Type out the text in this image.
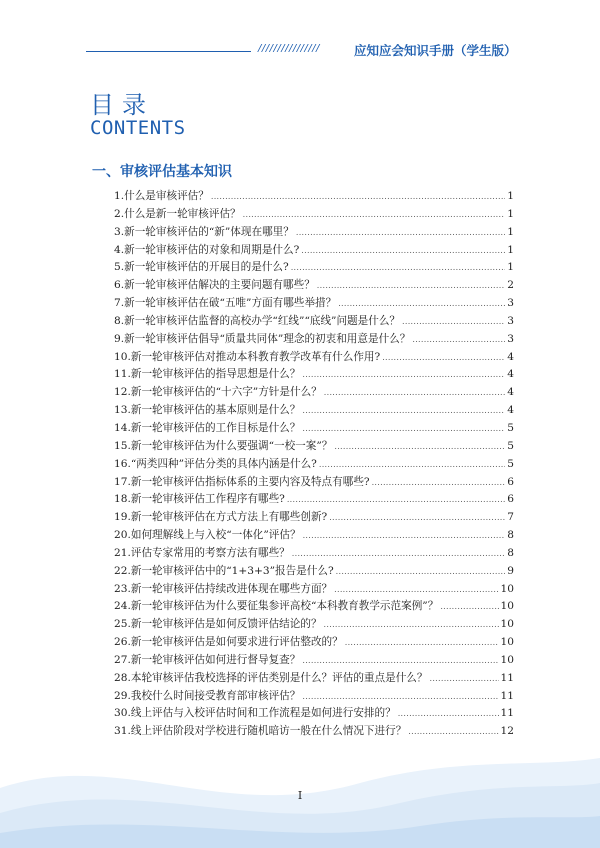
////////////////	应知应会知识手册（学生版）
目录
CONTENTS
一、审核评估基本知识
1.什么是审核评估？ .....	1
2.什么是新一轮审核评估？ .....	1
3.新一轮审核评估的“新”体现在哪里？ .....	1
4.新一轮审核评估的对象和周期是什么? .....	1
5.新一轮审核评估的开展目的是什么? .....	1
6.新一轮审核评估解决的主要问题有哪些？ .....	2
7.新一轮审核评估在破“五唯”方面有哪些举措？ .....	3
8.新一轮审核评估监督的高校办学“红线”“底线”问题是什么？ .....	3
9.新一轮审核评估倡导“质量共同体”理念的初衷和用意是什么？ .....	3
10.新一轮审核评估对推动本科教育教学改革有什么作用? .....	4
11.新一轮审核评估的指导思想是什么？ .....	4
12.新一轮审核评估的“十六字”方针是什么？ .....	4
13.新一轮审核评估的基本原则是什么？ .....	4
14.新一轮审核评估的工作目标是什么？ .....	5
15.新一轮审核评估为什么要强调“一校一案”？ .....	5
16.“两类四种”评估分类的具体内涵是什么? .....	5
17.新一轮审核评估指标体系的主要内容及特点有哪些? .....	6
18.新一轮审核评估工作程序有哪些? .....	6
19.新一轮审核评估在方式方法上有哪些创新? .....	7
20.如何理解线上与入校“一体化”评估？ .....	8
21.评估专家常用的考察方法有哪些？ .....	8
22.新一轮审核评估中的“1+3+3”报告是什么? .....	9
23.新一轮审核评估持续改进体现在哪些方面？ .....	10
24.新一轮审核评估为什么要征集参评高校“本科教育教学示范案例”？ .....	10
25.新一轮审核评估是如何反馈评估结论的？ .....	10
26.新一轮审核评估是如何要求进行评估整改的？ .....	10
27.新一轮审核评估如何进行督导复查？ .....	10
28.本轮审核评估我校选择的评估类别是什么？评估的重点是什么？ .....	11
29.我校什么时间接受教育部审核评估？ .....	11
30.线上评估与入校评估时间和工作流程是如何进行安排的？ .....	11
31.线上评估阶段对学校进行随机暗访一般在什么情况下进行？ .....	12
I
